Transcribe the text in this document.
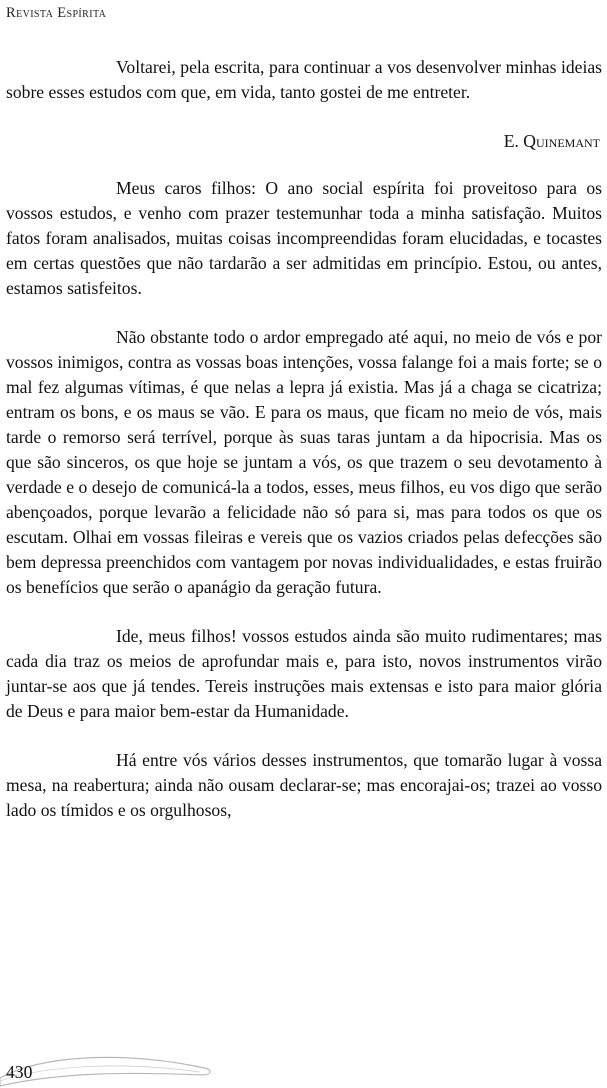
Revista Espírita

Voltarei, pela escrita, para continuar a vos desenvolver minhas ideias sobre esses estudos com que, em vida, tanto gostei de me entreter.

E. Quinemant

Meus caros filhos: O ano social espírita foi proveitoso para os vossos estudos, e venho com prazer testemunhar toda a minha satisfação. Muitos fatos foram analisados, muitas coisas incompreendidas foram elucidadas, e tocastes em certas questões que não tardarão a ser admitidas em princípio. Estou, ou antes, estamos satisfeitos.

Não obstante todo o ardor empregado até aqui, no meio de vós e por vossos inimigos, contra as vossas boas intenções, vossa falange foi a mais forte; se o mal fez algumas vítimas, é que nelas a lepra já existia. Mas já a chaga se cicatriza; entram os bons, e os maus se vão. E para os maus, que ficam no meio de vós, mais tarde o remorso será terrível, porque às suas taras juntam a da hipocrisia. Mas os que são sinceros, os que hoje se juntam a vós, os que trazem o seu devotamento à verdade e o desejo de comunicá-la a todos, esses, meus filhos, eu vos digo que serão abençoados, porque levarão a felicidade não só para si, mas para todos os que os escutam. Olhai em vossas fileiras e vereis que os vazios criados pelas defecções são bem depressa preenchidos com vantagem por novas individualidades, e estas fruirão os benefícios que serão o apanágio da geração futura.

Ide, meus filhos! vossos estudos ainda são muito rudimentares; mas cada dia traz os meios de aprofundar mais e, para isto, novos instrumentos virão juntar-se aos que já tendes. Tereis instruções mais extensas e isto para maior glória de Deus e para maior bem-estar da Humanidade.

Há entre vós vários desses instrumentos, que tomarão lugar à vossa mesa, na reabertura; ainda não ousam declarar-se; mas encorajai-os; trazei ao vosso lado os tímidos e os orgulhosos,

430
